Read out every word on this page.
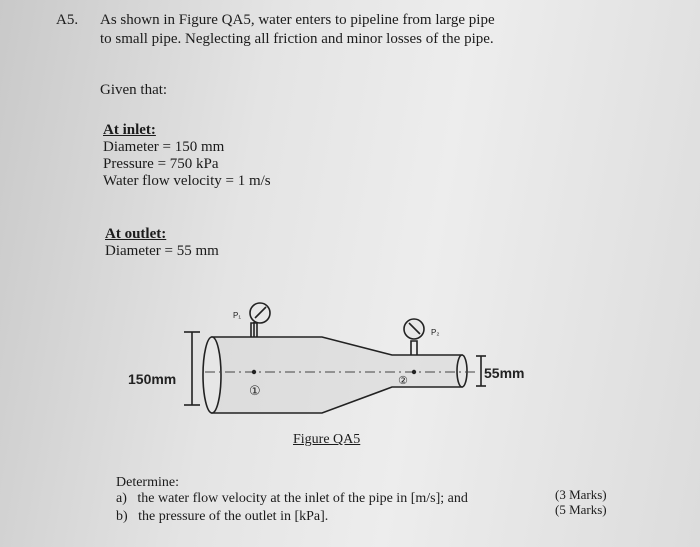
A5. As shown in Figure QA5, water enters to pipeline from large pipe
to small pipe. Neglecting all friction and minor losses of the pipe.
Given that:
At inlet:
Diameter = 150 mm
Pressure = 750 kPa
Water flow velocity = 1 m/s
At outlet:
Diameter = 55 mm
150mm	55mm
P₁
P₂
①
②
Figure QA5
Determine:
a) the water flow velocity at the inlet of the pipe in [m/s]; and	(3 Marks)
b) the pressure of the outlet in [kPa].	(5 Marks)
